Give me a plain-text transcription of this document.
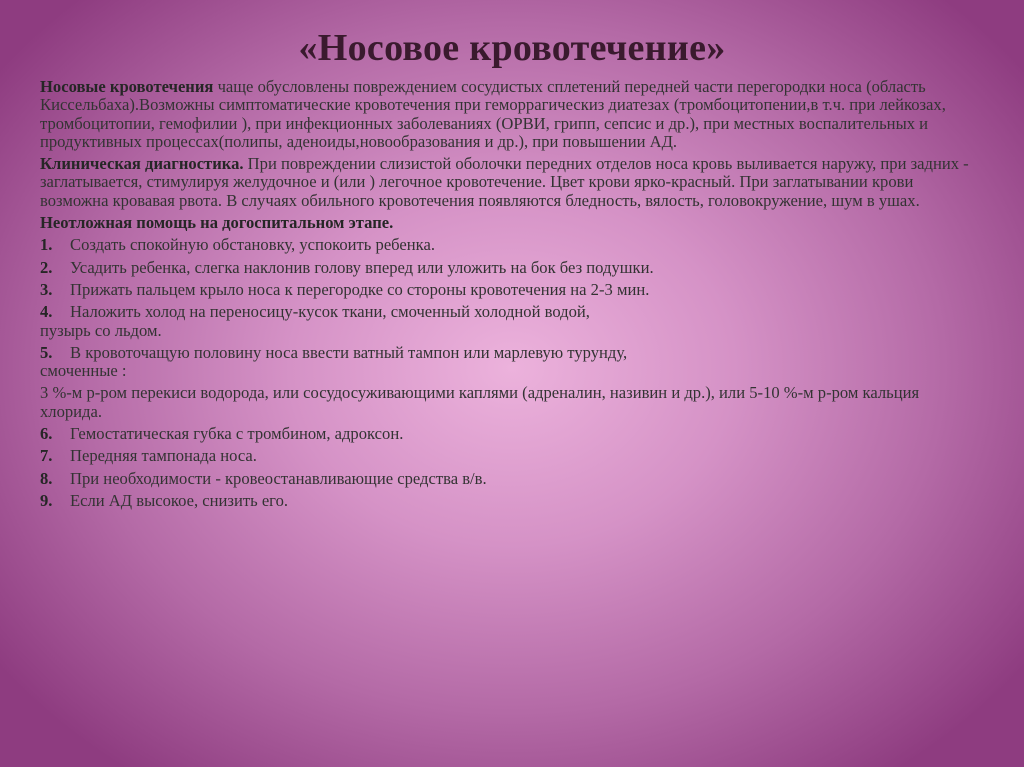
«Носовое кровотечение»

Носовые кровотечения чаще обусловлены повреждением сосудистых сплетений передней части перегородки носа (область Киссельбаха).Возможны симптоматические кровотечения при геморрагическиз диатезах (тромбоцитопении,в т.ч. при лейкозах, тромбоцитопии, гемофилии ), при инфекционных заболеваниях (ОРВИ, грипп, сепсис и др.), при местных воспалительных и продуктивных процессах(полипы, аденоиды,новообразования и др.), при повышении АД.

Клиническая диагностика. При повреждении слизистой оболочки передних отделов носа кровь выливается наружу, при задних - заглатывается, стимулируя желудочное и (или ) легочное кровотечение. Цвет крови ярко-красный. При заглатывании крови возможна кровавая рвота. В случаях обильного кровотечения появляются бледность, вялость, головокружение, шум в ушах.

Неотложная помощь на догоспитальном этапе.

1. Создать спокойную обстановку, успокоить ребенка.
2. Усадить ребенка, слегка наклонив голову вперед или уложить на бок без подушки.
3. Прижать пальцем крыло носа к перегородке со стороны кровотечения на 2-3 мин.
4. Наложить холод на переносицу-кусок ткани, смоченный холодной водой, пузырь со льдом.
5. В кровоточащую половину носа ввести ватный тампон или марлевую турунду, смоченные :

3 %-м р-ром перекиси водорода, или сосудосуживающими каплями (адреналин, називин и др.), или 5-10 %-м р-ром кальция хлорида.

6. Гемостатическая губка с тромбином, адроксон.
7. Передняя тампонада носа.
8. При необходимости - кровеостанавливающие средства в/в.
9. Если АД высокое, снизить его.
